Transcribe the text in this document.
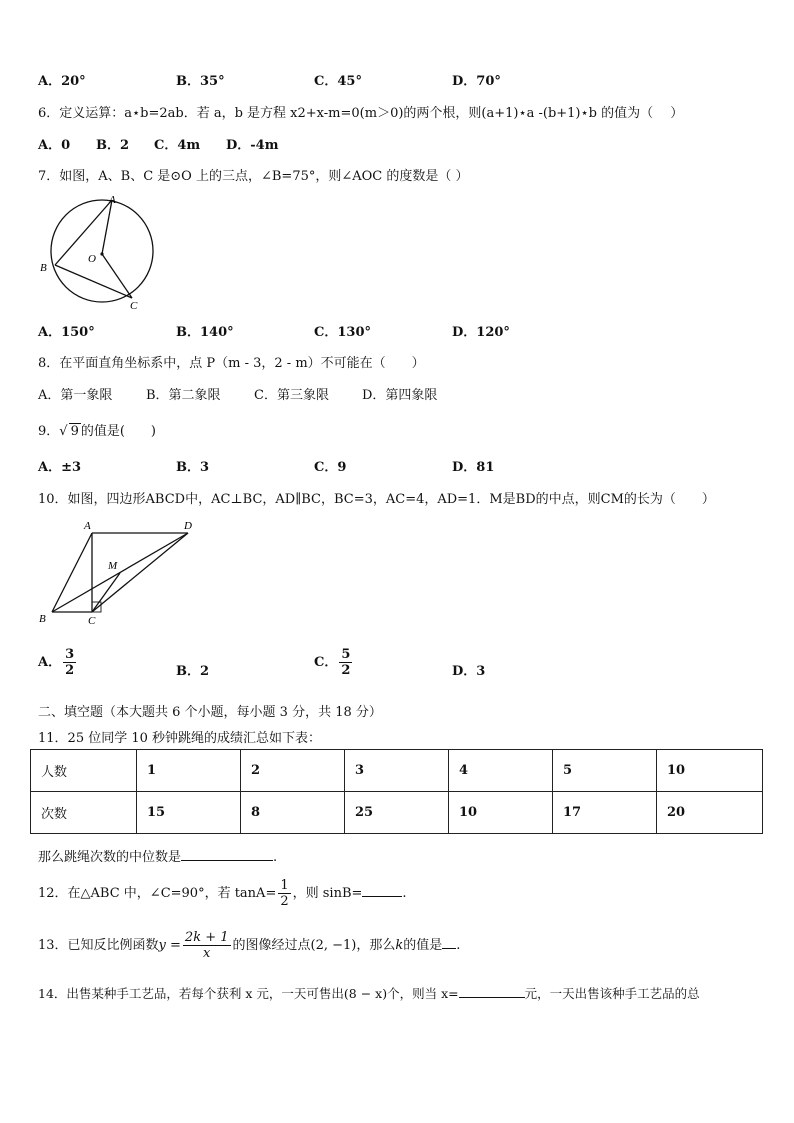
A．20°	B．35°	C．45°	D．70°
6．定义运算：a⋆b=2ab．若 a，b 是方程 x2+x-m=0(m＞0)的两个根，则(a+1)⋆a -(b+1)⋆b 的值为（　 ）
A．0 B．2 C．4m D．-4m
7．如图，A、B、C 是⊙O 上的三点，∠B=75°，则∠AOC 的度数是（ ）
A
B
C
O
A．150°	B．140°	C．130°	D．120°
8．在平面直角坐标系中，点 P（m - 3，2 - m）不可能在（　　）
A．第一象限	B．第二象限	C．第三象限	D．第四象限
9．√ 9 的值是(　　)
A．±3	B．3	C．9	D．81
10．如图，四边形ABCD中，AC⊥BC，AD∥BC，BC=3，AC=4，AD=1．M是BD的中点，则CM的长为（　　）
A
B	C
D
M
A． $\frac{3}{2}$	B．2
C． $\frac{5}{2}$	D．3
二、填空题（本大题共 6 个小题，每小题 3 分，共 18 分）
11．25 位同学 10 秒钟跳绳的成绩汇总如下表：
人数	1	2	3	4	5	10
次数	15	8	25	10	17	20
那么跳绳次数的中位数是	.
12．在△ABC 中，∠C=90°，若 $\tan A= \frac{1}{2}$ ，则 sinB=	.
13．已知反比例函数$y = \frac{2k + 1}{x}$ 的图像经过点(2, −1)，那么k的值是 .
14．出售某种手工艺品，若每个获利 x 元，一天可售出(8 − x)个，则当 x=	元，一天出售该种手工艺品的总
